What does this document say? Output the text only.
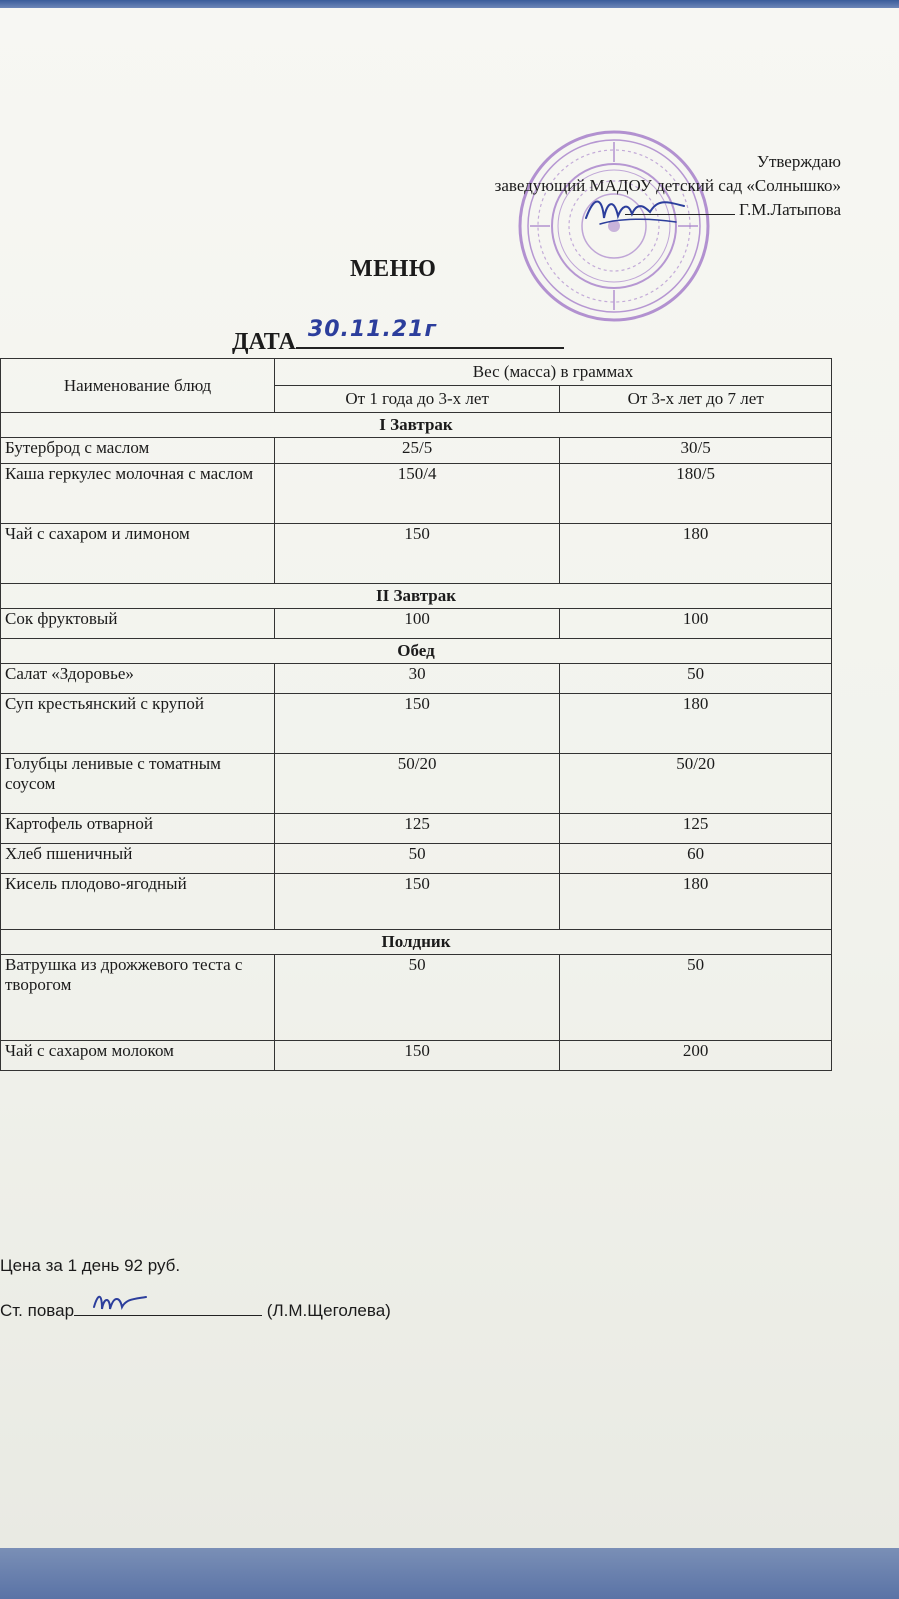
Утверждаю
заведующий МАДОУ детский сад «Солнышко»
Г.М.Латыпова
МЕНЮ
ДАТА 30.11.21г
Наименование блюд	Вес (масса) в граммах	
	От 1 года до 3-х лет	От 3-х лет до 7 лет
I Завтрак		
Бутерброд с маслом	25/5	30/5
Каша геркулес молочная с маслом	150/4	180/5
Чай с сахаром и лимоном	150	180
II Завтрак		
Сок фруктовый	100	100
Обед		
Салат «Здоровье»	30	50
Суп крестьянский с крупой	150	180
Голубцы ленивые с томатным соусом	50/20	50/20
Картофель отварной	125	125
Хлеб пшеничный	50	60
Кисель плодово-ягодный	150	180
Полдник		
Ватрушка из дрожжевого теста с творогом	50	50
Чай с сахаром молоком	150	200
Цена за 1 день 92 руб.
Ст. повар	(Л.М.Щеголева)
